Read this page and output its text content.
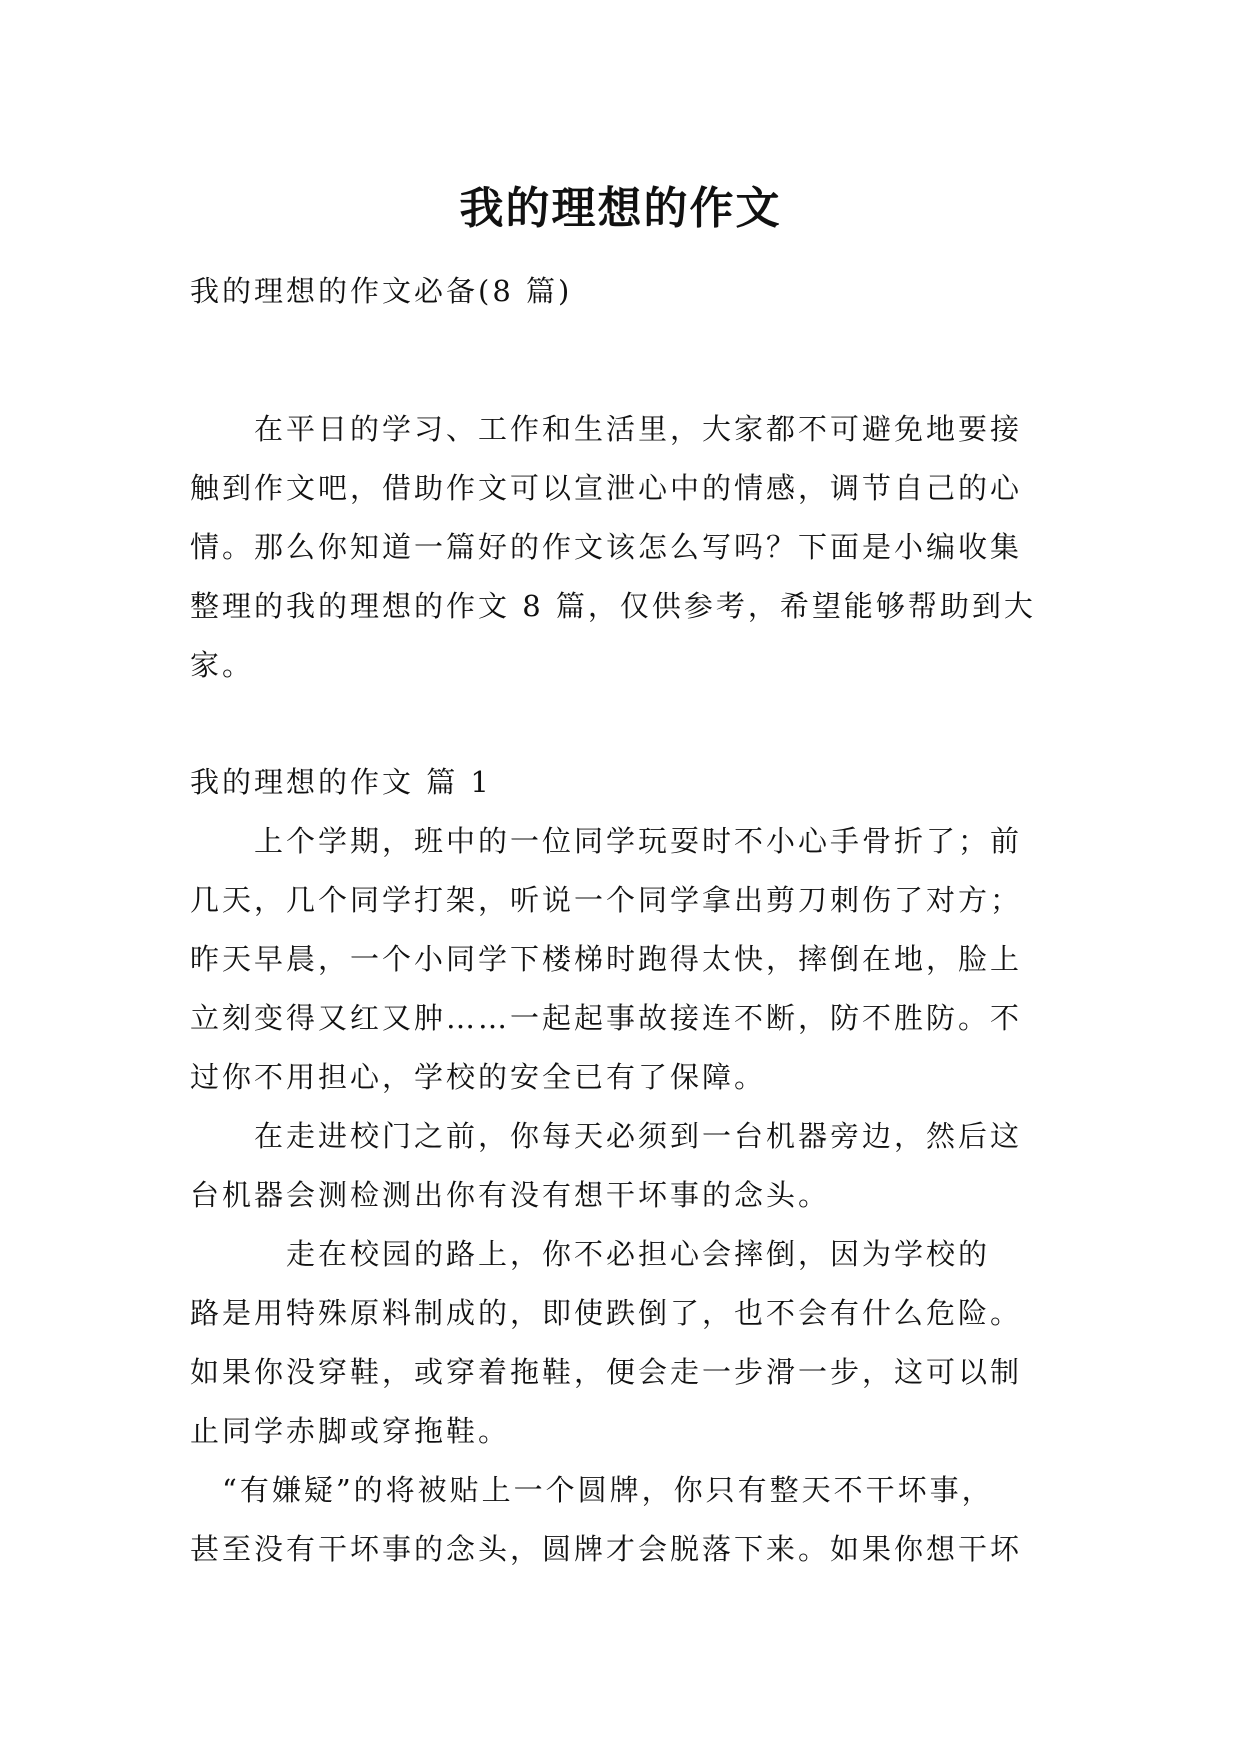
我的理想的作文
我的理想的作文必备(8 篇)
　　在平日的学习、工作和生活里，大家都不可避免地要接
触到作文吧，借助作文可以宣泄心中的情感，调节自己的心
情。那么你知道一篇好的作文该怎么写吗？下面是小编收集
整理的我的理想的作文 8 篇，仅供参考，希望能够帮助到大
家。
我的理想的作文 篇 1
　　上个学期，班中的一位同学玩耍时不小心手骨折了；前
几天，几个同学打架，听说一个同学拿出剪刀刺伤了对方；
昨天早晨，一个小同学下楼梯时跑得太快，摔倒在地，脸上
立刻变得又红又肿……一起起事故接连不断，防不胜防。不
过你不用担心，学校的安全已有了保障。
　　在走进校门之前，你每天必须到一台机器旁边，然后这
台机器会测检测出你有没有想干坏事的念头。
　　　走在校园的路上，你不必担心会摔倒，因为学校的
路是用特殊原料制成的，即使跌倒了，也不会有什么危险。
如果你没穿鞋，或穿着拖鞋，便会走一步滑一步，这可以制
止同学赤脚或穿拖鞋。
　“有嫌疑”的将被贴上一个圆牌，你只有整天不干坏事，
甚至没有干坏事的念头，圆牌才会脱落下来。如果你想干坏
